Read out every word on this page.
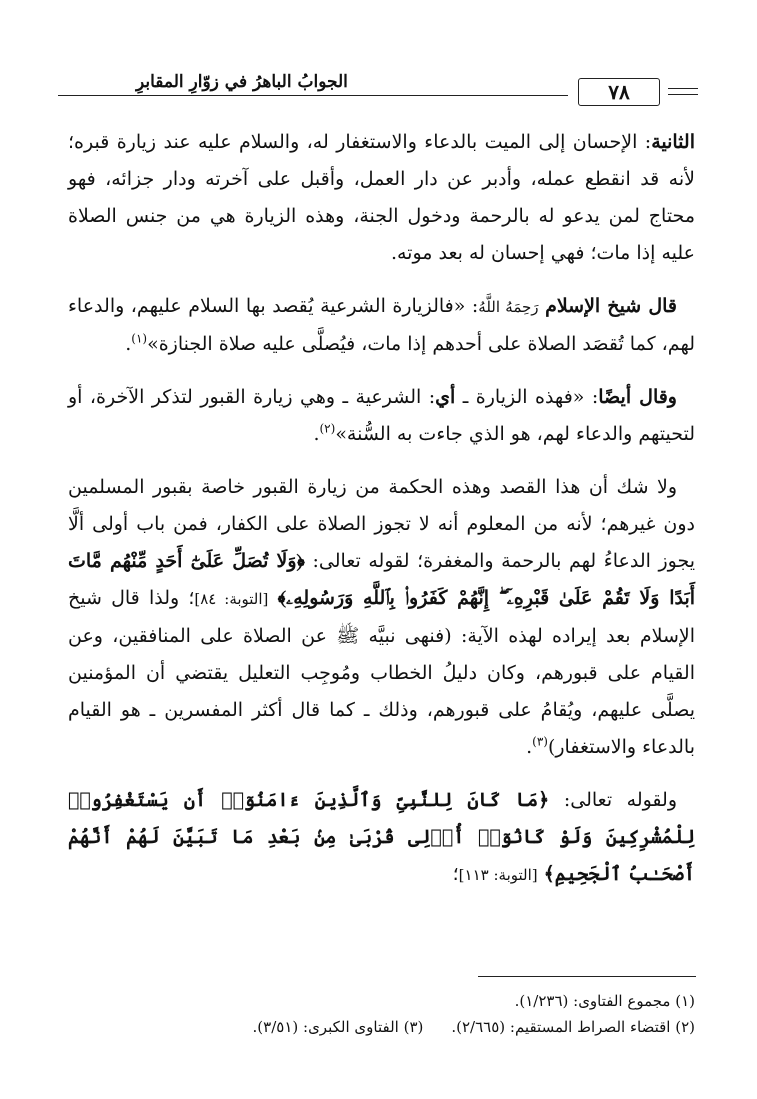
الجوابُ الباهرُ في زوّارِ المقابرِ	٧٨

الثانية: الإحسان إلى الميت بالدعاء والاستغفار له، والسلام عليه عند زيارة قبره؛ لأنه قد انقطع عمله، وأدبر عن دار العمل، وأقبل على آخرته ودار جزائه، فهو محتاج لمن يدعو له بالرحمة ودخول الجنة، وهذه الزيارة هي من جنس الصلاة عليه إذا مات؛ فهي إحسان له بعد موته.

قال شيخ الإسلام رَحِمَهُ اللَّهُ: «فالزيارة الشرعية يُقصد بها السلام عليهم، والدعاء لهم، كما تُقصَد الصلاة على أحدهم إذا مات، فيُصلَّى عليه صلاة الجنازة»$^{(١)}$.

وقال أيضًا: «فهذه الزيارة ـ أي: الشرعية ـ وهي زيارة القبور لتذكر الآخرة، أو لتحيتهم والدعاء لهم، هو الذي جاءت به السُّنة»$^{(٢)}$.

ولا شك أن هذا القصد وهذه الحكمة من زيارة القبور خاصة بقبور المسلمين دون غيرهم؛ لأنه من المعلوم أنه لا تجوز الصلاة على الكفار، فمن باب أولى ألَّا يجوز الدعاءُ لهم بالرحمة والمغفرة؛ لقوله تعالى: ﴿وَلَا تُصَلِّ عَلَىٰٓ أَحَدٍ مِّنْهُم مَّاتَ أَبَدًا وَلَا تَقُمْ عَلَىٰ قَبْرِهِۦٓ ۖ إِنَّهُمْ كَفَرُوا۟ بِٱللَّهِ وَرَسُولِهِۦ﴾ [التوبة: ٨٤]؛ ولذا قال شيخ الإسلام بعد إيراده لهذه الآية: (فنهى نبيَّه ﷺ عن الصلاة على المنافقين، وعن القيام على قبورهم، وكان دليلُ الخطاب ومُوجِب التعليل يقتضي أن المؤمنين يصلَّى عليهم، ويُقامُ على قبورهم، وذلك ـ كما قال أكثر المفسرين ـ هو القيام بالدعاء والاستغفار)$^{(٣)}$.

ولقوله تعالى: ﴿مَا كَانَ لِلنَّبِىِّ وَٱلَّذِينَ ءَامَنُوٓا۟ أَن يَسْتَغْفِرُوا۟ لِلْمُشْرِكِينَ وَلَوْ كَانُوٓا۟ أُو۟لِى قُرْبَىٰ مِنۢ بَعْدِ مَا تَبَيَّنَ لَهُمْ أَنَّهُمْ أَصْحَـٰبُ ٱلْجَحِيمِ﴾ [التوبة: ١١٣]؛

(١) مجموع الفتاوى: (١/٢٣٦).
(٢) اقتضاء الصراط المستقيم: (٢/٦٦٥).(٣) الفتاوى الكبرى: (٣/٥١).
